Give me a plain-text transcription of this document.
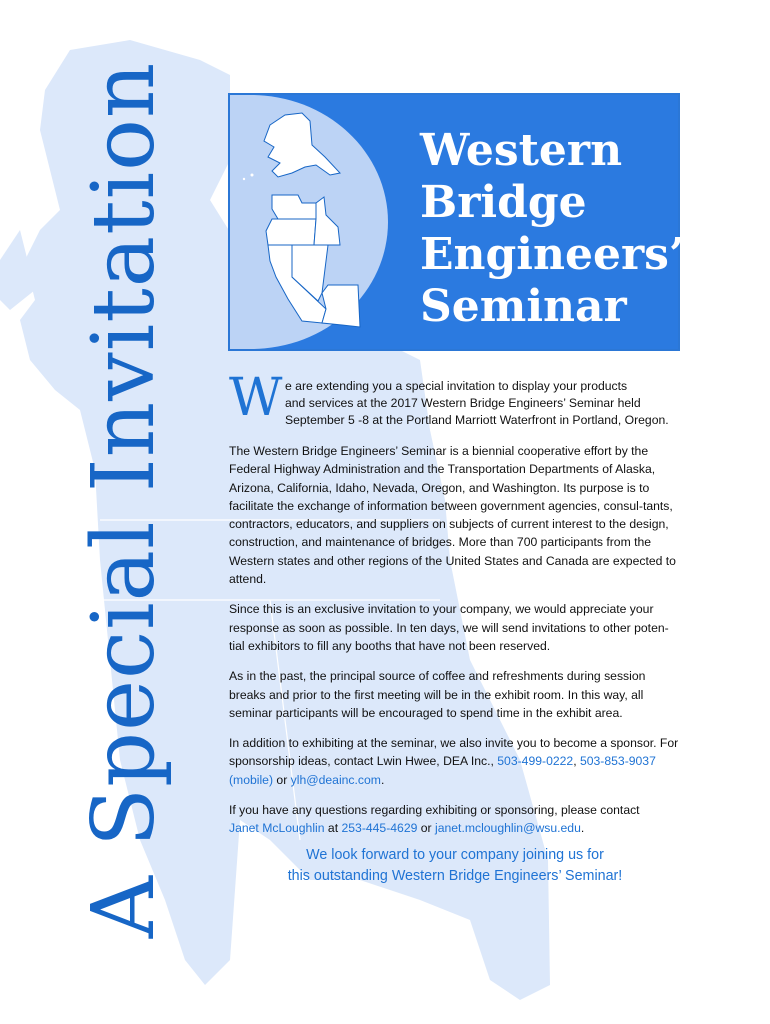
A Special Invitation	Western
Bridge
Engineers’
Seminar
W e are extending you a special invitation to display your products
and services at the 2017 Western Bridge Engineers’ Seminar held
September 5 -8 at the Portland Marriott Waterfront in Portland, Oregon.

The Western Bridge Engineers’ Seminar is a biennial cooperative effort by the Federal Highway Administration and the Transportation Departments of Alaska, Arizona, California, Idaho, Nevada, Oregon, and Washington. Its purpose is to facilitate the exchange of information between government agencies, consul-tants, contractors, educators, and suppliers on subjects of current interest to the design, construction, and maintenance of bridges. More than 700 participants from the Western states and other regions of the United States and Canada are expected to attend.

Since this is an exclusive invitation to your company, we would appreciate your response as soon as possible. In ten days, we will send invitations to other poten-tial exhibitors to fill any booths that have not been reserved.

As in the past, the principal source of coffee and refreshments during session breaks and prior to the first meeting will be in the exhibit room. In this way, all seminar participants will be encouraged to spend time in the exhibit area.

In addition to exhibiting at the seminar, we also invite you to become a sponsor. For sponsorship ideas, contact Lwin Hwee, DEA Inc., 503-499-0222, 503-853-9037 (mobile) or ylh@deainc.com.

If you have any questions regarding exhibiting or sponsoring, please contact
Janet McLoughlin at 253-445-4629 or janet.mcloughlin@wsu.edu.

We look forward to your company joining us for
this outstanding Western Bridge Engineers’ Seminar!
